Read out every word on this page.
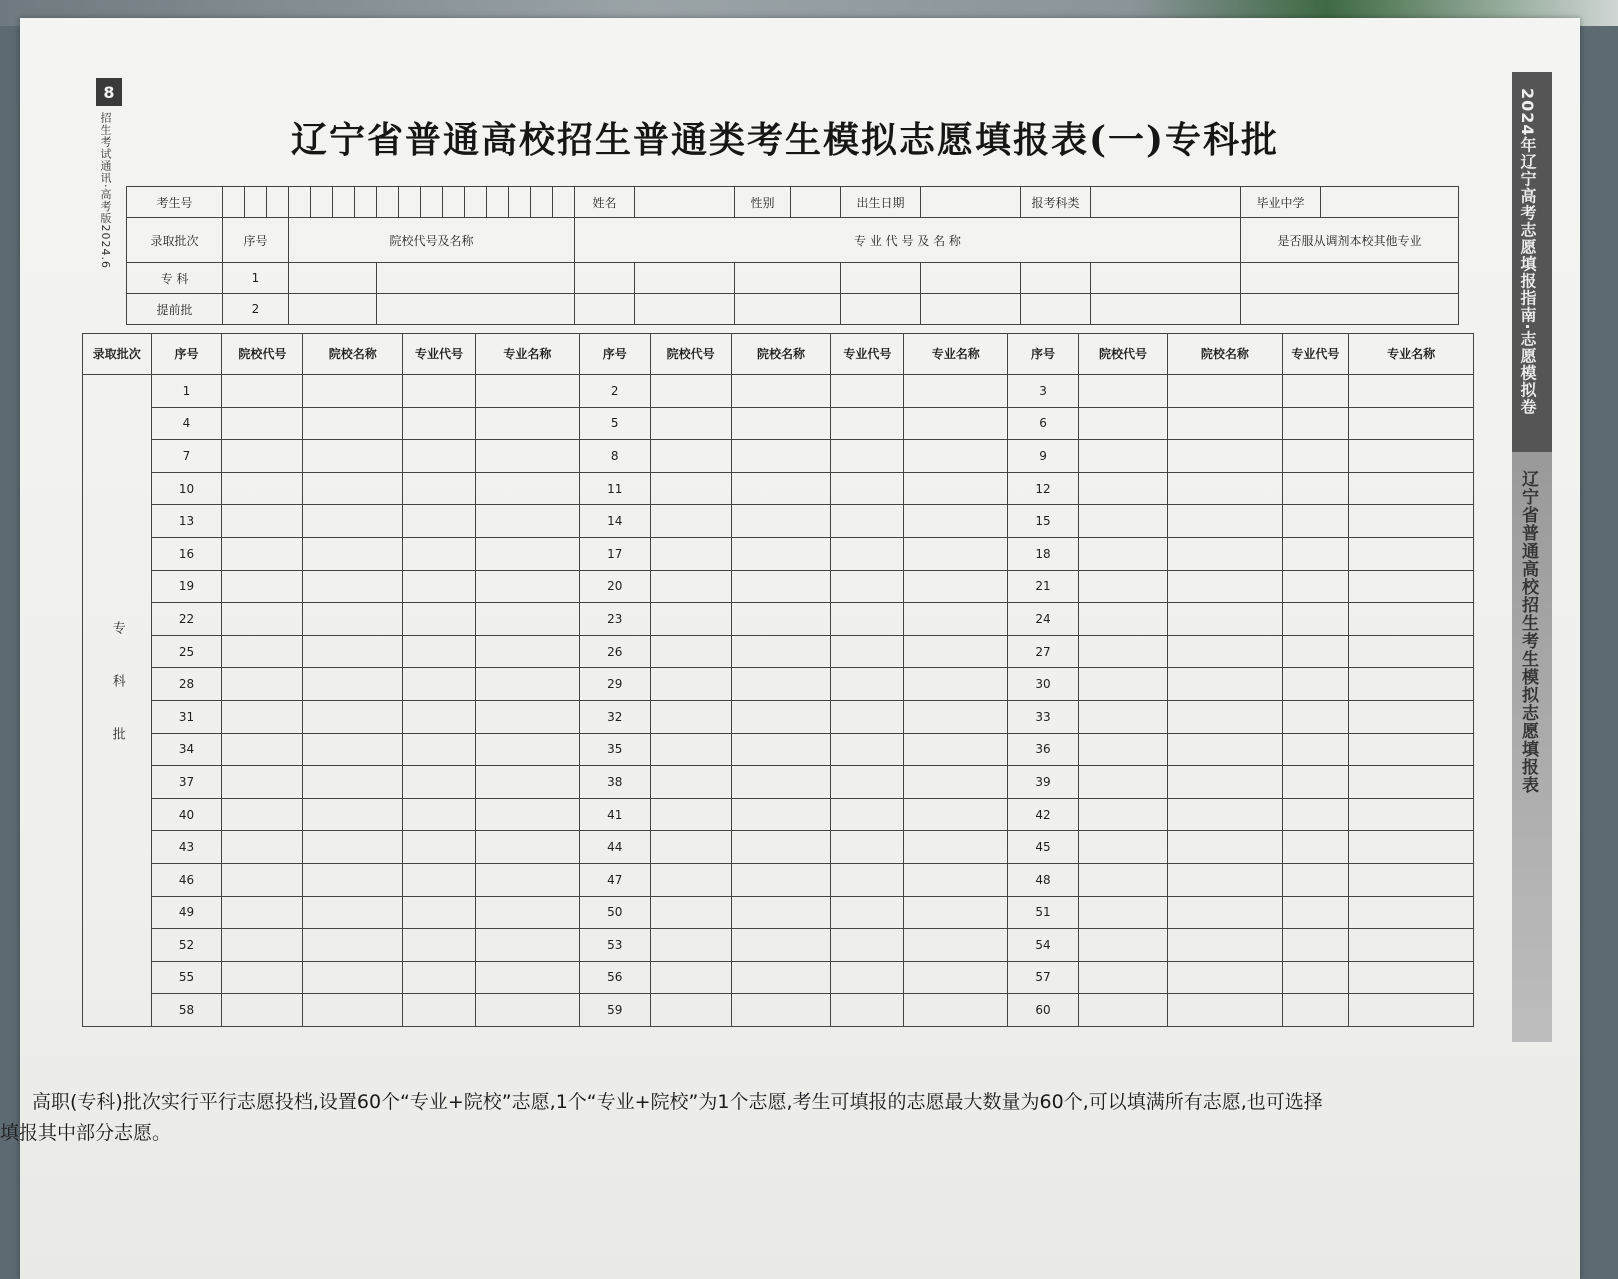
8
招生考试通讯·高考版2024.6	辽宁省普通高校招生普通类考生模拟志愿填报表(一)专科批
考生号																	姓名		性别		出生日期		报考科类		毕业中学	
录取批次	序号			院校代号及名称													专 业 代 号 及 名 称								是否服从调剂本校其他专业	
专 科	1																									
提前批	2																									
录取批次	序号	院校代号	院校名称	专业代号	专业名称	序号	院校代号	院校名称	专业代号	专业名称	序号	院校代号	院校名称	专业代号	专业名称

专科批	1					2					3				
	4					5					6				
	7					8					9				
	10					11					12				
	13					14					15				
	16					17					18				
	19					20					21				
	22					23					24				
	25					26					27				
	28					29					30				
	31					32					33				
	34					35					36				
	37					38					39				
	40					41					42				
	43					44					45				
	46					47					48				
	49					50					51				
	52					53					54				
	55					56					57				
	58					59					60				
2024年辽宁高考志愿填报指南·志愿模拟卷
辽宁省普通高校招生考生模拟志愿填报表
高职(专科)批次实行平行志愿投档,设置60个“专业+院校”志愿,1个“专业+院校”为1个志愿,考生可填报的志愿最大数量为60个,可以填满所有志愿,也可选择
填报其中部分志愿。
